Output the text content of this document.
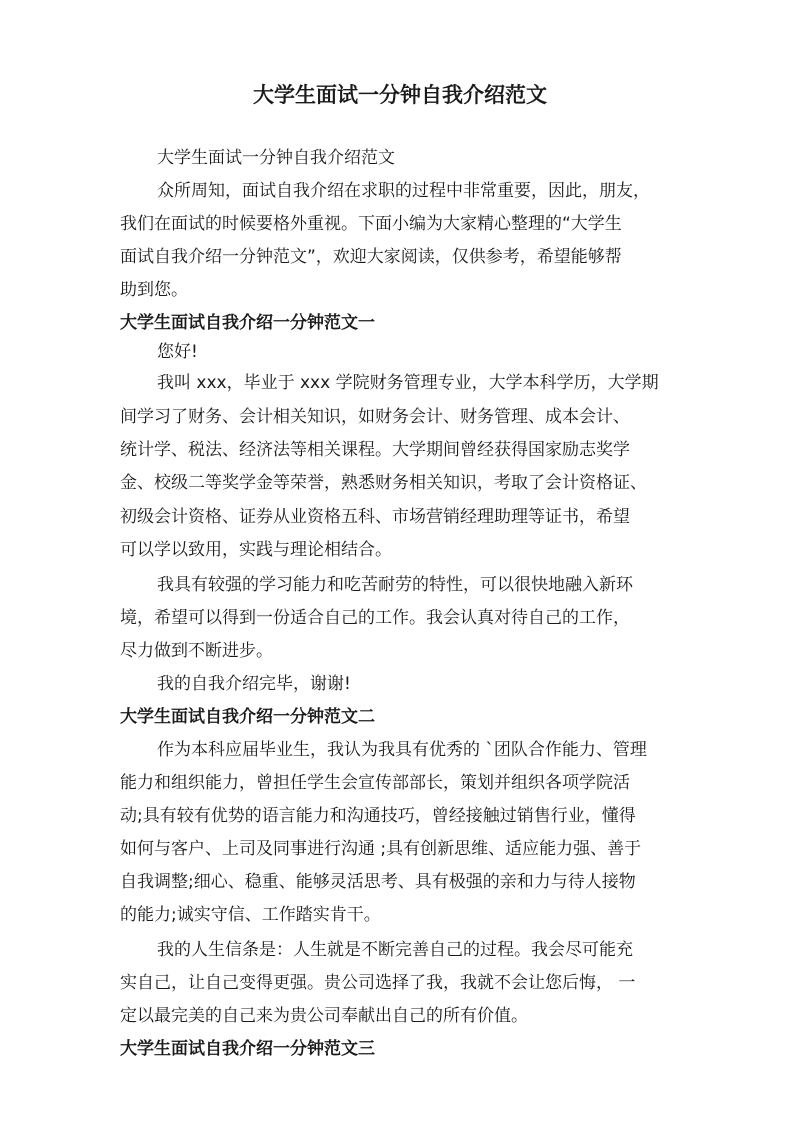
大学生面试一分钟自我介绍范文
大学生面试一分钟自我介绍范文
众所周知，面试自我介绍在求职的过程中非常重要，因此，朋友，
我们在面试的时候要格外重视。下面小编为大家精心整理的“大学生
面试自我介绍一分钟范文”，欢迎大家阅读，仅供参考，希望能够帮
助到您。
大学生面试自我介绍一分钟范文一
您好!
我叫 xxx，毕业于 xxx 学院财务管理专业，大学本科学历，大学期
间学习了财务、会计相关知识，如财务会计、财务管理、成本会计、
统计学、税法、经济法等相关课程。大学期间曾经获得国家励志奖学
金、校级二等奖学金等荣誉，熟悉财务相关知识，考取了会计资格证、
初级会计资格、证券从业资格五科、市场营销经理助理等证书，希望
可以学以致用，实践与理论相结合。
我具有较强的学习能力和吃苦耐劳的特性，可以很快地融入新环
境，希望可以得到一份适合自己的工作。我会认真对待自己的工作，
尽力做到不断进步。
我的自我介绍完毕，谢谢!
大学生面试自我介绍一分钟范文二
作为本科应届毕业生，我认为我具有优秀的 `团队合作能力、管理
能力和组织能力，曾担任学生会宣传部部长，策划并组织各项学院活
动;具有较有优势的语言能力和沟通技巧，曾经接触过销售行业，懂得
如何与客户、上司及同事进行沟通 ;具有创新思维、适应能力强、善于
自我调整;细心、稳重、能够灵活思考、具有极强的亲和力与待人接物
的能力;诚实守信、工作踏实肯干。
我的人生信条是：人生就是不断完善自己的过程。我会尽可能充
实自己，让自己变得更强。贵公司选择了我，我就不会让您后悔， 一
定以最完美的自己来为贵公司奉献出自己的所有价值。
大学生面试自我介绍一分钟范文三
